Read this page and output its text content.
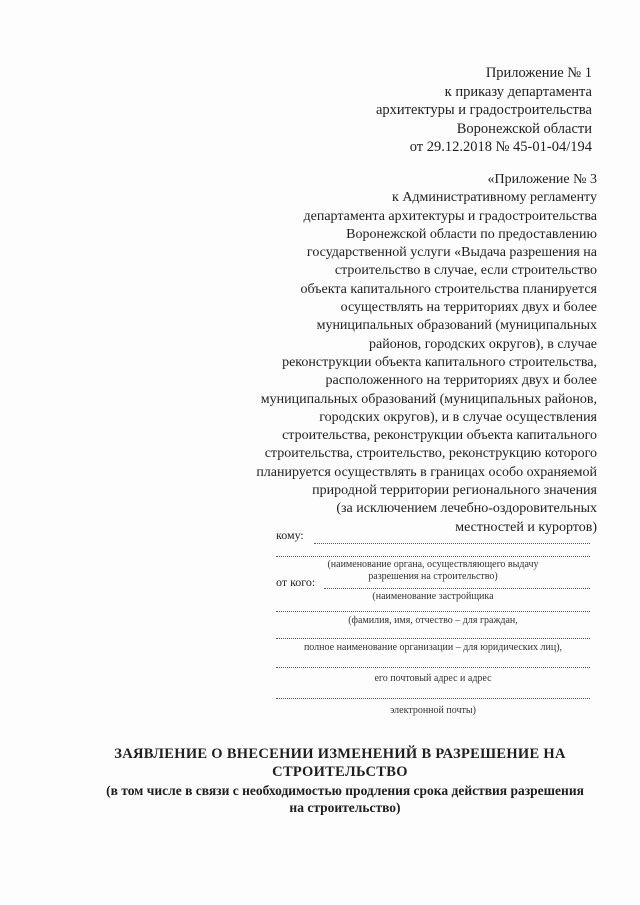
Приложение № 1
к приказу департамента
архитектуры и градостроительства
Воронежской области
от 29.12.2018 № 45-01-04/194
«Приложение № 3
к Административному регламенту
департамента архитектуры и градостроительства
Воронежской области по предоставлению
государственной услуги «Выдача разрешения на
строительство в случае, если строительство
объекта капитального строительства планируется
осуществлять на территориях двух и более
муниципальных образований (муниципальных
районов, городских округов), в случае
реконструкции объекта капитального строительства,
расположенного на территориях двух и более
муниципальных образований (муниципальных районов,
городских округов), и в случае осуществления
строительства, реконструкции объекта капитального
строительства, строительство, реконструкцию которого
планируется осуществлять в границах особо охраняемой
природной территории регионального значения
(за исключением лечебно-оздоровительных
местностей и курортов)
кому:
(наименование органа, осуществляющего выдачу
разрешения на строительство)
от кого:
(наименование застройщика
(фамилия, имя, отчество – для граждан,
полное наименование организации – для юридических лиц),
его почтовый адрес и адрес
электронной почты)
ЗАЯВЛЕНИЕ О ВНЕСЕНИИ ИЗМЕНЕНИЙ В РАЗРЕШЕНИЕ НА
СТРОИТЕЛЬСТВО
(в том числе в связи с необходимостью продления срока действия разрешения
на строительство)
